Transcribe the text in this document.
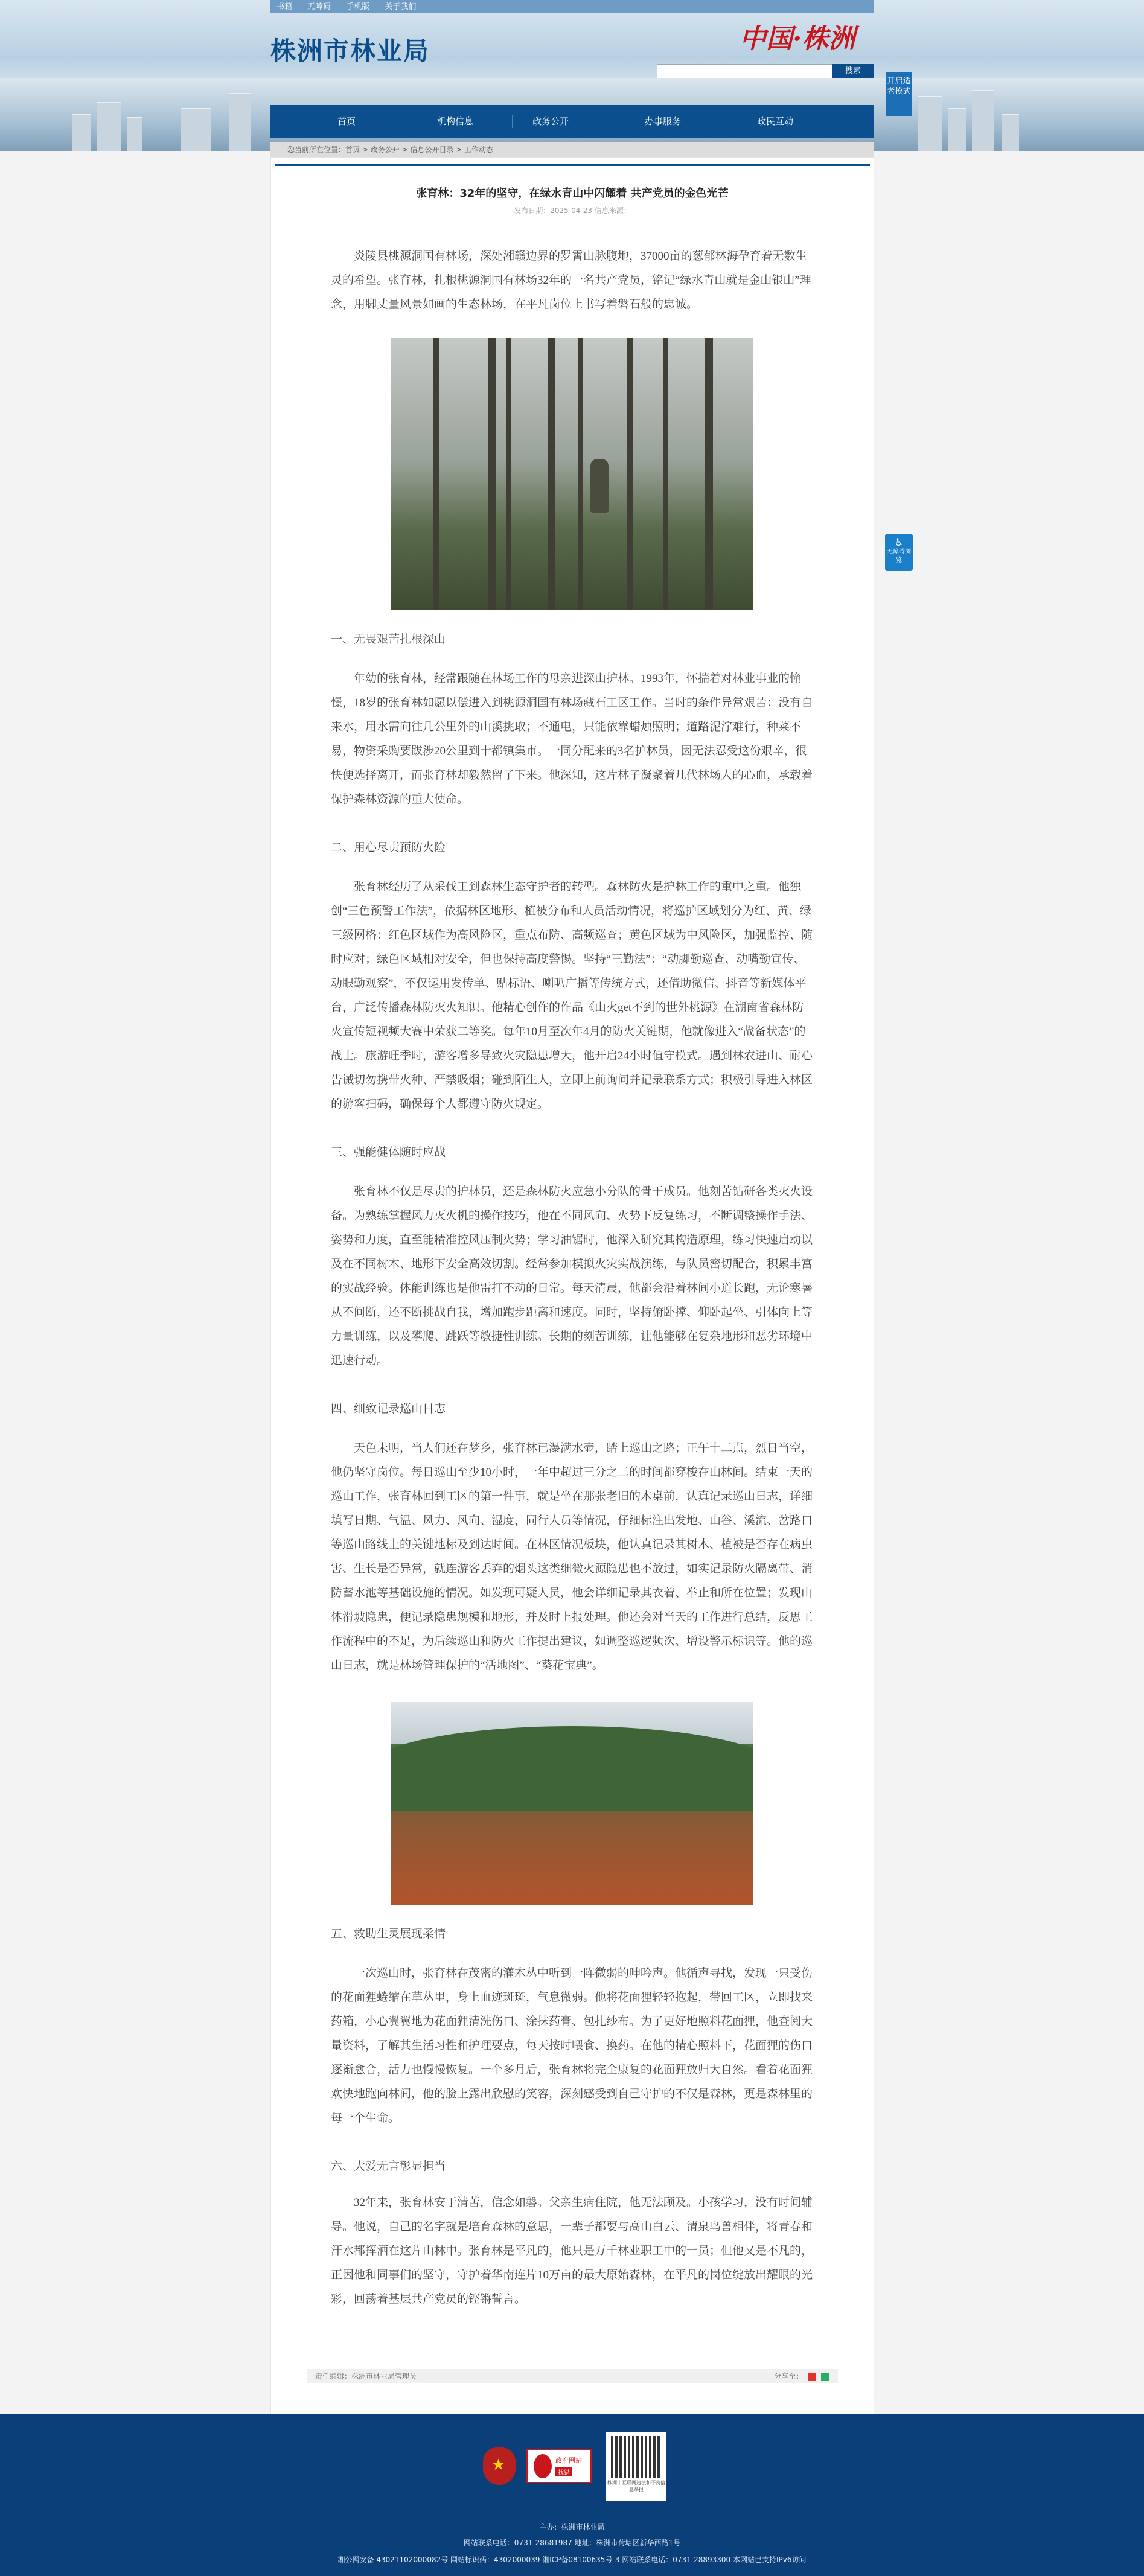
书籍 无障碍 手机版 关于我们
株洲市林业局	中国·株洲
搜索
开启适老模式
首页	机构信息	政务公开	办事服务	政民互动
您当前所在位置：首页 > 政务公开 > 信息公开目录 > 工作动态
张育林：32年的坚守，在绿水青山中闪耀着 共产党员的金色光芒
发布日期：2025-04-23 信息来源：

炎陵县桃源洞国有林场，深处湘赣边界的罗霄山脉腹地，37000亩的葱郁林海孕育着无数生灵的希望。张育林，扎根桃源洞国有林场32年的一名共产党员，铭记“绿水青山就是金山银山”理念，用脚丈量风景如画的生态林场，在平凡岗位上书写着磐石般的忠诚。

一、无畏艰苦扎根深山

年幼的张育林，经常跟随在林场工作的母亲进深山护林。1993年，怀揣着对林业事业的憧憬，18岁的张育林如愿以偿进入到桃源洞国有林场藏石工区工作。当时的条件异常艰苦：没有自来水，用水需向往几公里外的山溪挑取；不通电，只能依靠蜡烛照明；道路泥泞难行，种菜不易，物资采购要跋涉20公里到十都镇集市。一同分配来的3名护林员，因无法忍受这份艰辛，很快便选择离开，而张育林却毅然留了下来。他深知，这片林子凝聚着几代林场人的心血，承载着保护森林资源的重大使命。

二、用心尽责预防火险

张育林经历了从采伐工到森林生态守护者的转型。森林防火是护林工作的重中之重。他独创“三色预警工作法”，依据林区地形、植被分布和人员活动情况，将巡护区域划分为红、黄、绿三级网格：红色区域作为高风险区，重点布防、高频巡查；黄色区域为中风险区，加强监控、随时应对；绿色区域相对安全，但也保持高度警惕。坚持“三勤法”：“动脚勤巡查、动嘴勤宣传、动眼勤观察”，不仅运用发传单、贴标语、喇叭广播等传统方式，还借助微信、抖音等新媒体平台，广泛传播森林防灭火知识。他精心创作的作品《山火get不到的世外桃源》在湖南省森林防火宣传短视频大赛中荣获二等奖。每年10月至次年4月的防火关键期，他就像进入“战备状态”的战士。旅游旺季时，游客增多导致火灾隐患增大，他开启24小时值守模式。遇到林农进山、耐心告诫切勿携带火种、严禁吸烟；碰到陌生人，立即上前询问并记录联系方式；积极引导进入林区的游客扫码，确保每个人都遵守防火规定。

三、强能健体随时应战

张育林不仅是尽责的护林员，还是森林防火应急小分队的骨干成员。他刻苦钻研各类灭火设备。为熟练掌握风力灭火机的操作技巧，他在不同风向、火势下反复练习，不断调整操作手法、姿势和力度，直至能精准控风压制火势；学习油锯时，他深入研究其构造原理，练习快速启动以及在不同树木、地形下安全高效切割。经常参加模拟火灾实战演练，与队员密切配合，积累丰富的实战经验。体能训练也是他雷打不动的日常。每天清晨，他都会沿着林间小道长跑，无论寒暑从不间断，还不断挑战自我，增加跑步距离和速度。同时，坚持俯卧撑、仰卧起坐、引体向上等力量训练，以及攀爬、跳跃等敏捷性训练。长期的刻苦训练，让他能够在复杂地形和恶劣环境中迅速行动。

四、细致记录巡山日志

天色未明，当人们还在梦乡，张育林已瀑满水壶，踏上巡山之路；正午十二点，烈日当空，他仍坚守岗位。每日巡山至少10小时，一年中超过三分之二的时间都穿梭在山林间。结束一天的巡山工作，张育林回到工区的第一件事，就是坐在那张老旧的木桌前，认真记录巡山日志，详细填写日期、气温、风力、风向、湿度，同行人员等情况，仔细标注出发地、山谷、溪流、岔路口等巡山路线上的关键地标及到达时间。在林区情况板块，他认真记录其树木、植被是否存在病虫害、生长是否异常，就连游客丢弃的烟头这类细微火源隐患也不放过，如实记录防火隔离带、消防蓄水池等基础设施的情况。如发现可疑人员，他会详细记录其衣着、举止和所在位置；发现山体滑坡隐患，便记录隐患规模和地形，并及时上报处理。他还会对当天的工作进行总结，反思工作流程中的不足，为后续巡山和防火工作提出建议，如调整巡逻频次、增设警示标识等。他的巡山日志，就是林场管理保护的“活地图”、“葵花宝典”。

五、救助生灵展现柔情

一次巡山时，张育林在茂密的灌木丛中听到一阵微弱的呻吟声。他循声寻找，发现一只受伤的花面狸蜷缩在草丛里，身上血迹斑斑，气息微弱。他将花面狸轻轻抱起，带回工区，立即找来药箱，小心翼翼地为花面狸清洗伤口、涂抹药膏、包扎纱布。为了更好地照料花面狸，他查阅大量资料，了解其生活习性和护理要点，每天按时喂食、换药。在他的精心照料下，花面狸的伤口逐渐愈合，活力也慢慢恢复。一个多月后，张育林将完全康复的花面狸放归大自然。看着花面狸欢快地跑向林间，他的脸上露出欣慰的笑容，深刻感受到自己守护的不仅是森林，更是森林里的每一个生命。

六、大爱无言彰显担当

32年来，张育林安于清苦，信念如磐。父亲生病住院，他无法顾及。小孩学习，没有时间辅导。他说，自己的名字就是培育森林的意思，一辈子都要与高山白云、清泉鸟兽相伴，将青春和汗水都挥洒在这片山林中。张育林是平凡的，他只是万千林业职工中的一员；但他又是不凡的，正因他和同事们的坚守，守护着华南连片10万亩的最大原始森林，在平凡的岗位绽放出耀眼的光彩，回荡着基层共产党员的铿锵誓言。

责任编辑：株洲市林业局管理员	分享至：
♿
无障碍浏览
★	政府网站
找错
株洲市互联网违法和不良信息举报
主办：株洲市林业局
网站联系电话：0731-28681987 地址：株洲市荷塘区新华西路1号
湘公网安备 43021102000082号 网站标识码：4302000039 湘ICP备08100635号-3 网站联系电话：0731-28893300 本网站已支持IPv6访问
